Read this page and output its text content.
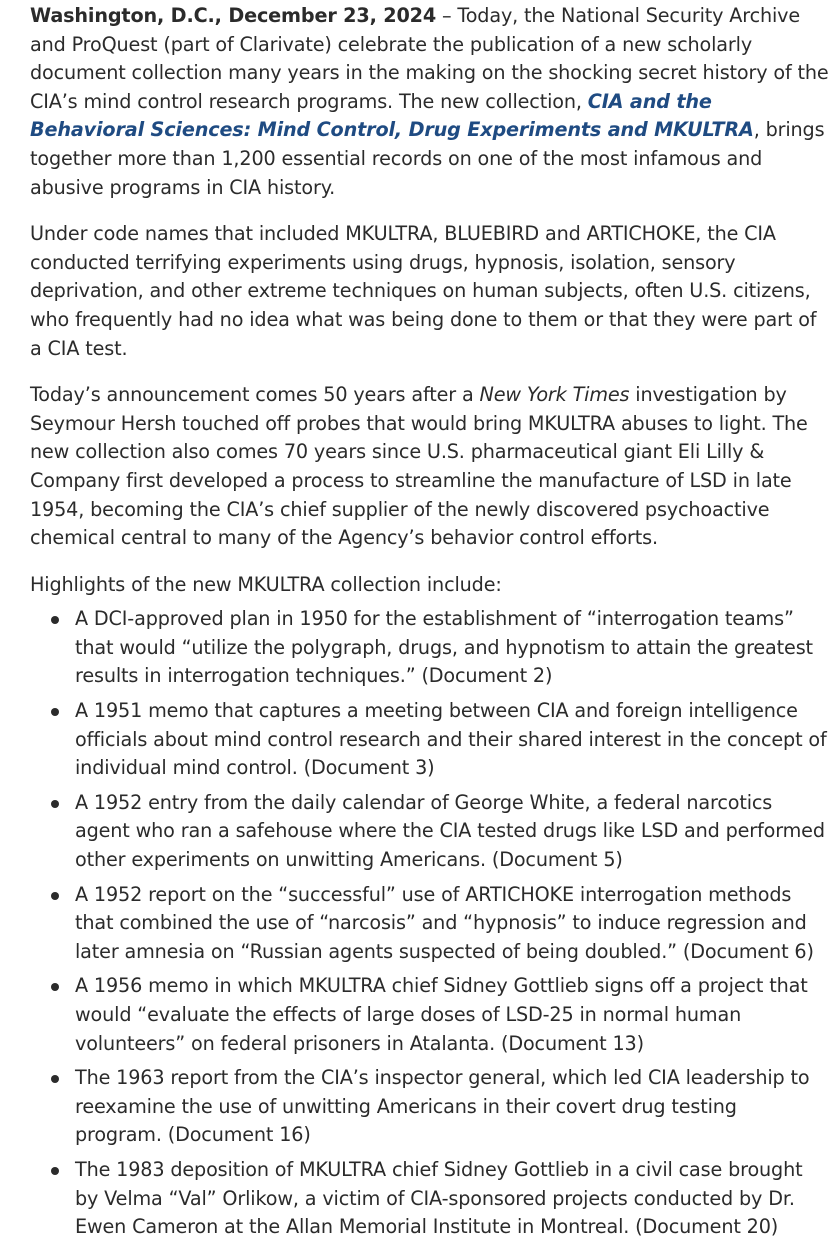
Washington, D.C., December 23, 2024 – Today, the National Security Archive and ProQuest (part of Clarivate) celebrate the publication of a new scholarly document collection many years in the making on the shocking secret history of the CIA’s mind control research programs. The new collection, CIA and the Behavioral Sciences: Mind Control, Drug Experiments and MKULTRA, brings together more than 1,200 essential records on one of the most infamous and abusive programs in CIA history.

Under code names that included MKULTRA, BLUEBIRD and ARTICHOKE, the CIA conducted terrifying experiments using drugs, hypnosis, isolation, sensory deprivation, and other extreme techniques on human subjects, often U.S. citizens, who frequently had no idea what was being done to them or that they were part of a CIA test.

Today’s announcement comes 50 years after a New York Times investigation by Seymour Hersh touched off probes that would bring MKULTRA abuses to light. The new collection also comes 70 years since U.S. pharmaceutical giant Eli Lilly & Company first developed a process to streamline the manufacture of LSD in late 1954, becoming the CIA’s chief supplier of the newly discovered psychoactive chemical central to many of the Agency’s behavior control efforts.

Highlights of the new MKULTRA collection include:

A DCI-approved plan in 1950 for the establishment of “interrogation teams” that would “utilize the polygraph, drugs, and hypnotism to attain the greatest results in interrogation techniques.” (Document 2)
A 1951 memo that captures a meeting between CIA and foreign intelligence officials about mind control research and their shared interest in the concept of individual mind control. (Document 3)
A 1952 entry from the daily calendar of George White, a federal narcotics agent who ran a safehouse where the CIA tested drugs like LSD and performed other experiments on unwitting Americans. (Document 5)
A 1952 report on the “successful” use of ARTICHOKE interrogation methods that combined the use of “narcosis” and “hypnosis” to induce regression and later amnesia on “Russian agents suspected of being doubled.” (Document 6)
A 1956 memo in which MKULTRA chief Sidney Gottlieb signs off a project that would “evaluate the effects of large doses of LSD-25 in normal human volunteers” on federal prisoners in Atalanta. (Document 13)
The 1963 report from the CIA’s inspector general, which led CIA leadership to reexamine the use of unwitting Americans in their covert drug testing program. (Document 16)
The 1983 deposition of MKULTRA chief Sidney Gottlieb in a civil case brought by Velma “Val” Orlikow, a victim of CIA-sponsored projects conducted by Dr. Ewen Cameron at the Allan Memorial Institute in Montreal. (Document 20)
